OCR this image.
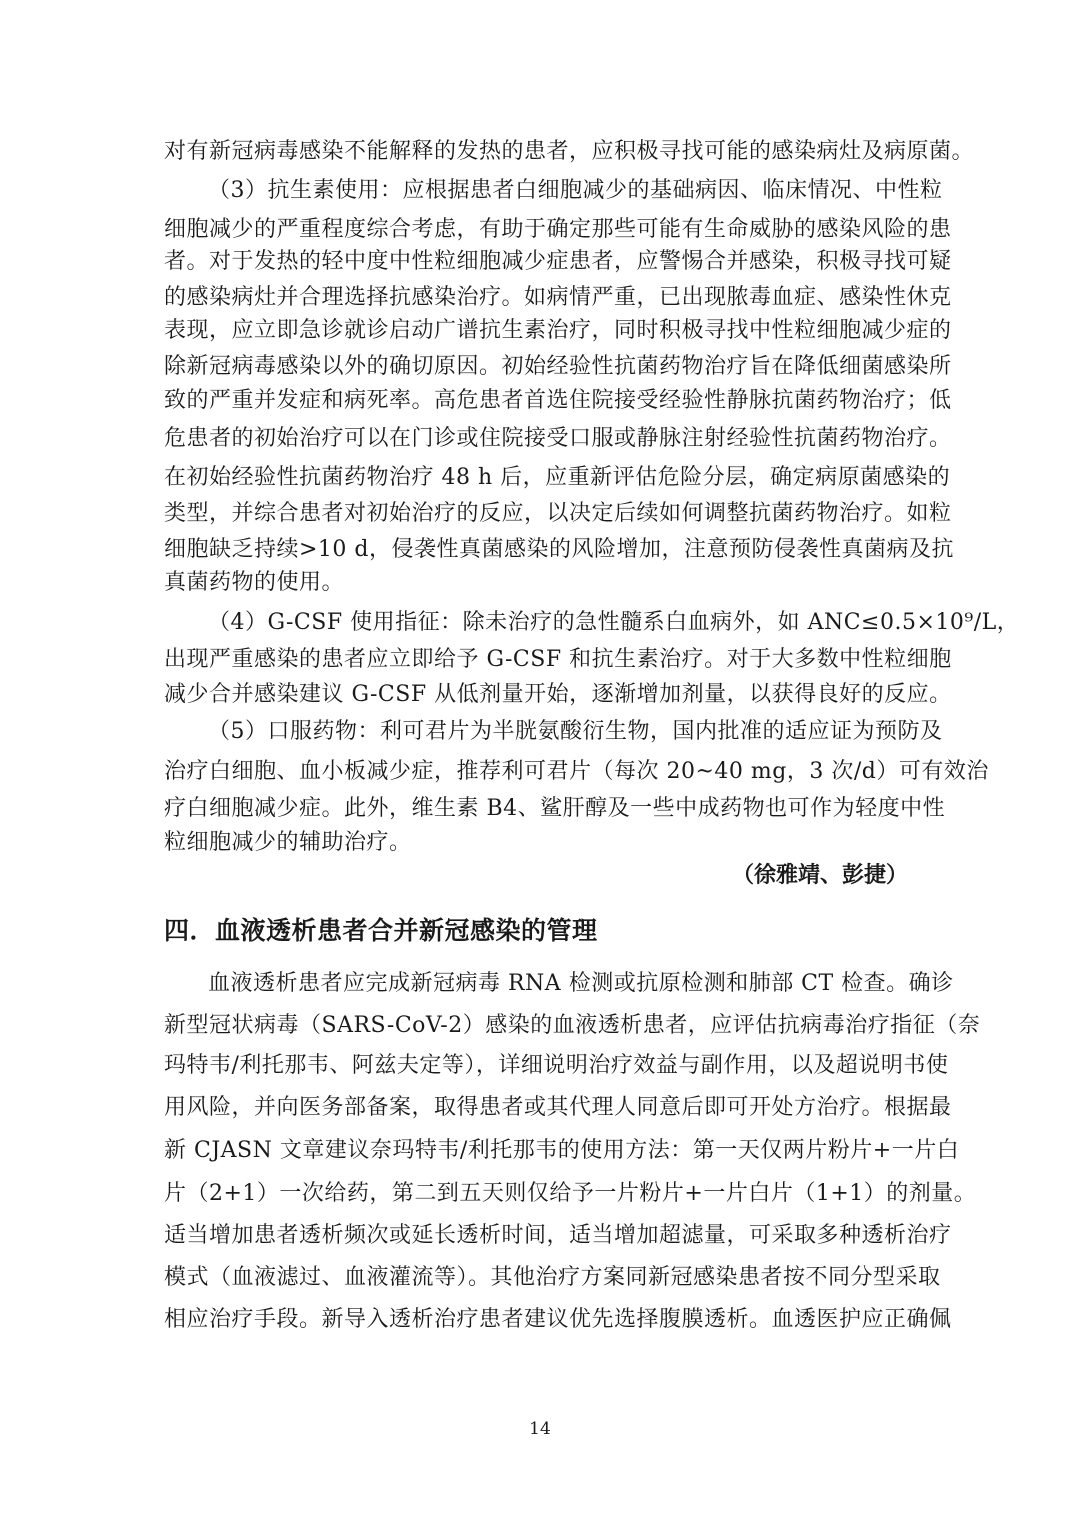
对有新冠病毒感染不能解释的发热的患者，应积极寻找可能的感染病灶及病原菌。
（3）抗生素使用：应根据患者白细胞减少的基础病因、临床情况、中性粒
细胞减少的严重程度综合考虑，有助于确定那些可能有生命威胁的感染风险的患
者。对于发热的轻中度中性粒细胞减少症患者，应警惕合并感染，积极寻找可疑
的感染病灶并合理选择抗感染治疗。如病情严重，已出现脓毒血症、感染性休克
表现，应立即急诊就诊启动广谱抗生素治疗，同时积极寻找中性粒细胞减少症的
除新冠病毒感染以外的确切原因。初始经验性抗菌药物治疗旨在降低细菌感染所
致的严重并发症和病死率。高危患者首选住院接受经验性静脉抗菌药物治疗；低
危患者的初始治疗可以在门诊或住院接受口服或静脉注射经验性抗菌药物治疗。
在初始经验性抗菌药物治疗 48 h 后，应重新评估危险分层，确定病原菌感染的
类型，并综合患者对初始治疗的反应，以决定后续如何调整抗菌药物治疗。如粒
细胞缺乏持续>10 d，侵袭性真菌感染的风险增加，注意预防侵袭性真菌病及抗
真菌药物的使用。
（4）G-CSF 使用指征：除未治疗的急性髓系白血病外，如 ANC≤0.5×10⁹/L，
出现严重感染的患者应立即给予 G-CSF 和抗生素治疗。对于大多数中性粒细胞
减少合并感染建议 G-CSF 从低剂量开始，逐渐增加剂量，以获得良好的反应。
（5）口服药物：利可君片为半胱氨酸衍生物，国内批准的适应证为预防及
治疗白细胞、血小板减少症，推荐利可君片（每次 20~40 mg，3 次/d）可有效治
疗白细胞减少症。此外，维生素 B4、鲨肝醇及一些中成药物也可作为轻度中性
粒细胞减少的辅助治疗。
（徐雅靖、彭捷）
四．血液透析患者合并新冠感染的管理
血液透析患者应完成新冠病毒 RNA 检测或抗原检测和肺部 CT 检查。确诊
新型冠状病毒（SARS-CoV-2）感染的血液透析患者，应评估抗病毒治疗指征（奈
玛特韦/利托那韦、阿兹夫定等），详细说明治疗效益与副作用，以及超说明书使
用风险，并向医务部备案，取得患者或其代理人同意后即可开处方治疗。根据最
新 CJASN 文章建议奈玛特韦/利托那韦的使用方法：第一天仅两片粉片+一片白
片（2+1）一次给药，第二到五天则仅给予一片粉片+一片白片（1+1）的剂量。
适当增加患者透析频次或延长透析时间，适当增加超滤量，可采取多种透析治疗
模式（血液滤过、血液灌流等）。其他治疗方案同新冠感染患者按不同分型采取
相应治疗手段。新导入透析治疗患者建议优先选择腹膜透析。血透医护应正确佩
14
